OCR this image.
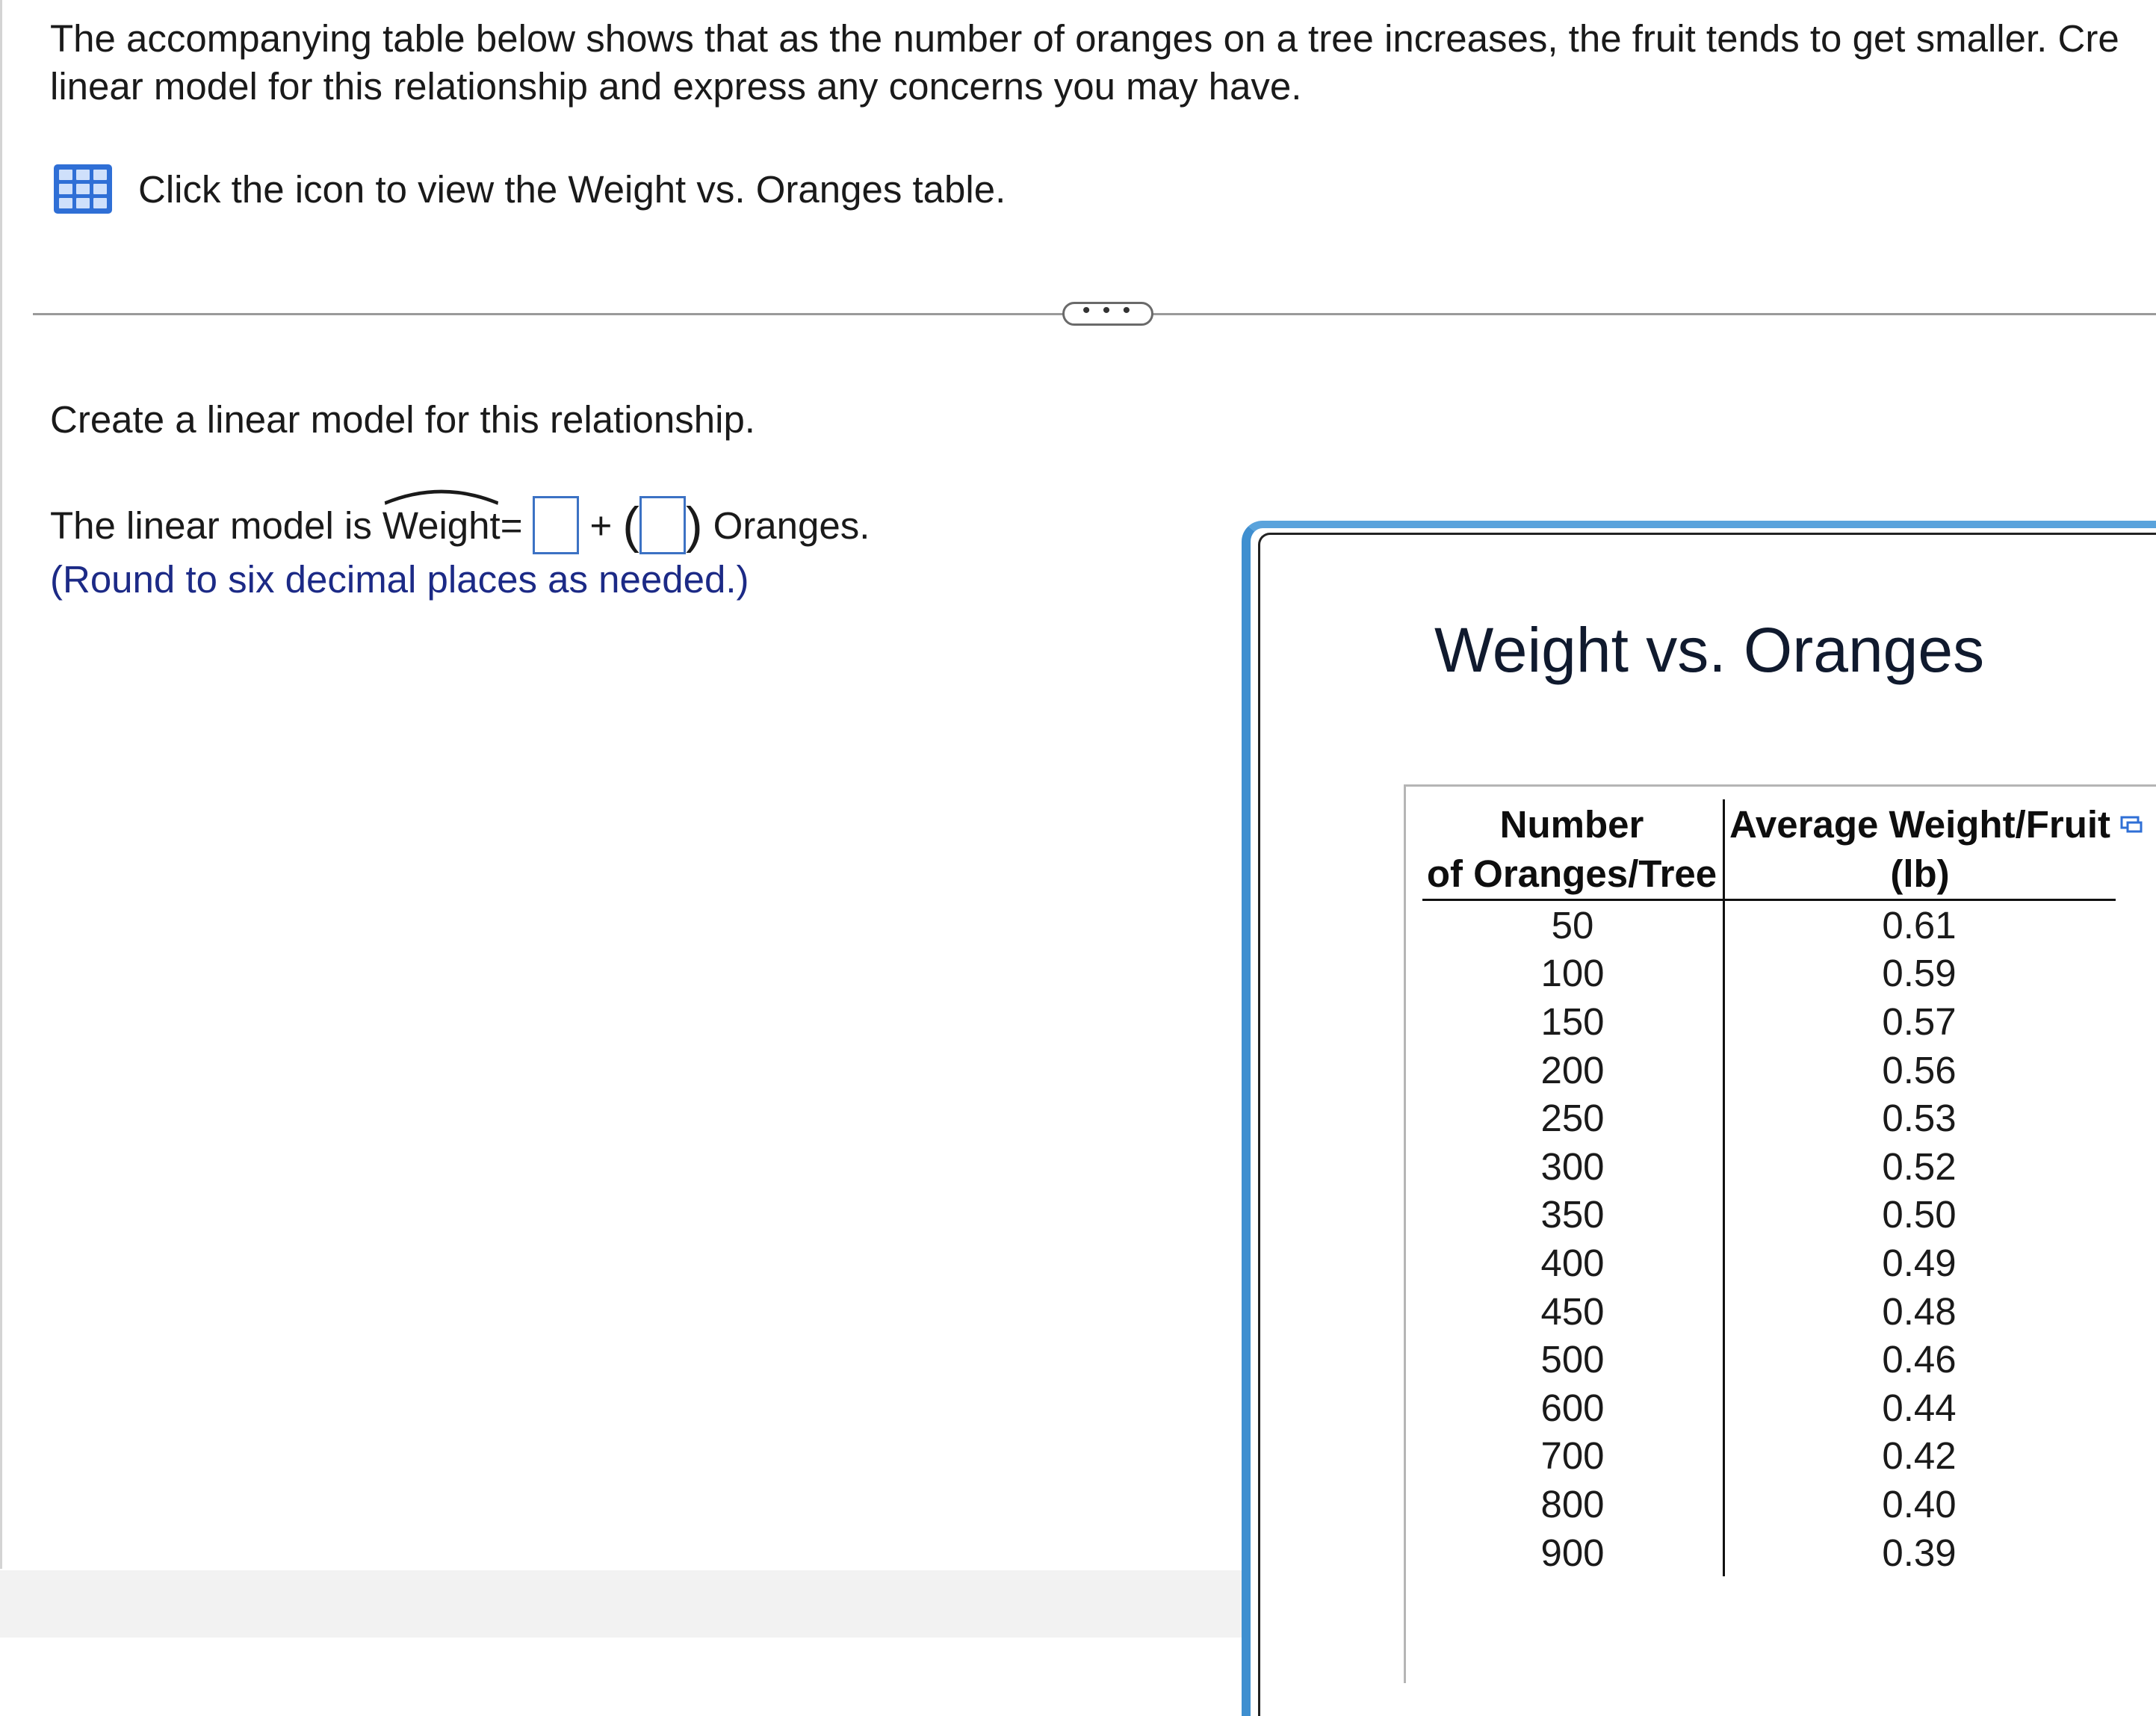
The accompanying table below shows that as the number of oranges on a tree increases, the fruit tends to get smaller. Cre
linear model for this relationship and express any concerns you may have.
Click the icon to view the Weight vs. Oranges table.
• • •
Create a linear model for this relationship.
The linear model is Weight = + ( ) Oranges.
(Round to six decimal places as needed.)
Weight vs. Oranges
Number
of Oranges/Tree
Average Weight/Fruit
(lb)
50	0.61
100	0.59
150	0.57
200	0.56
250	0.53
300	0.52
350	0.50
400	0.49
450	0.48
500	0.46
600	0.44
700	0.42
800	0.40
900	0.39
